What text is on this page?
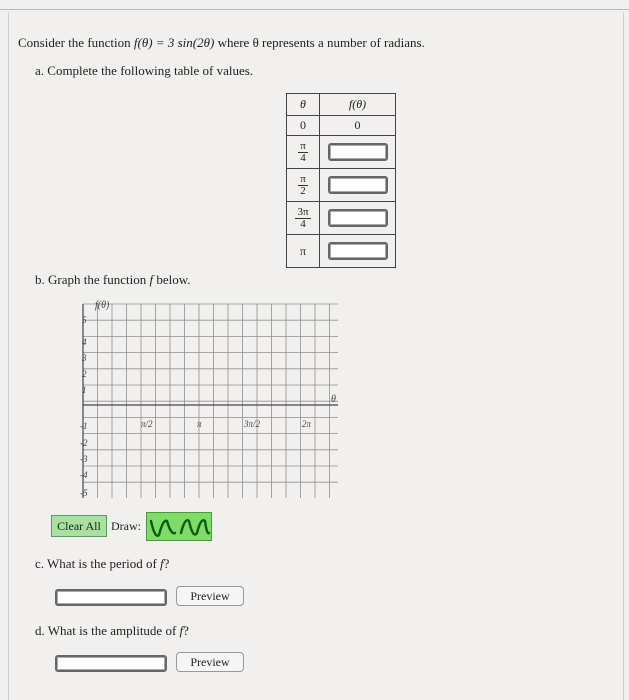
Consider the function f(θ) = 3 sin(2θ) where θ represents a number of radians.
a. Complete the following table of values.
θ	f(θ)
0	0

$\frac{\pi}{4}$

$\frac{\pi}{2}$

$\frac{3\pi}{4}$

π	
b. Graph the function f below.
f(θ)
θ
5
4
3
2
1
-1
-2
-3
-4
-5
π/2	π	3π/2	2π
Clear All Draw:
c. What is the period of f?
Preview
d. What is the amplitude of f?
Preview
